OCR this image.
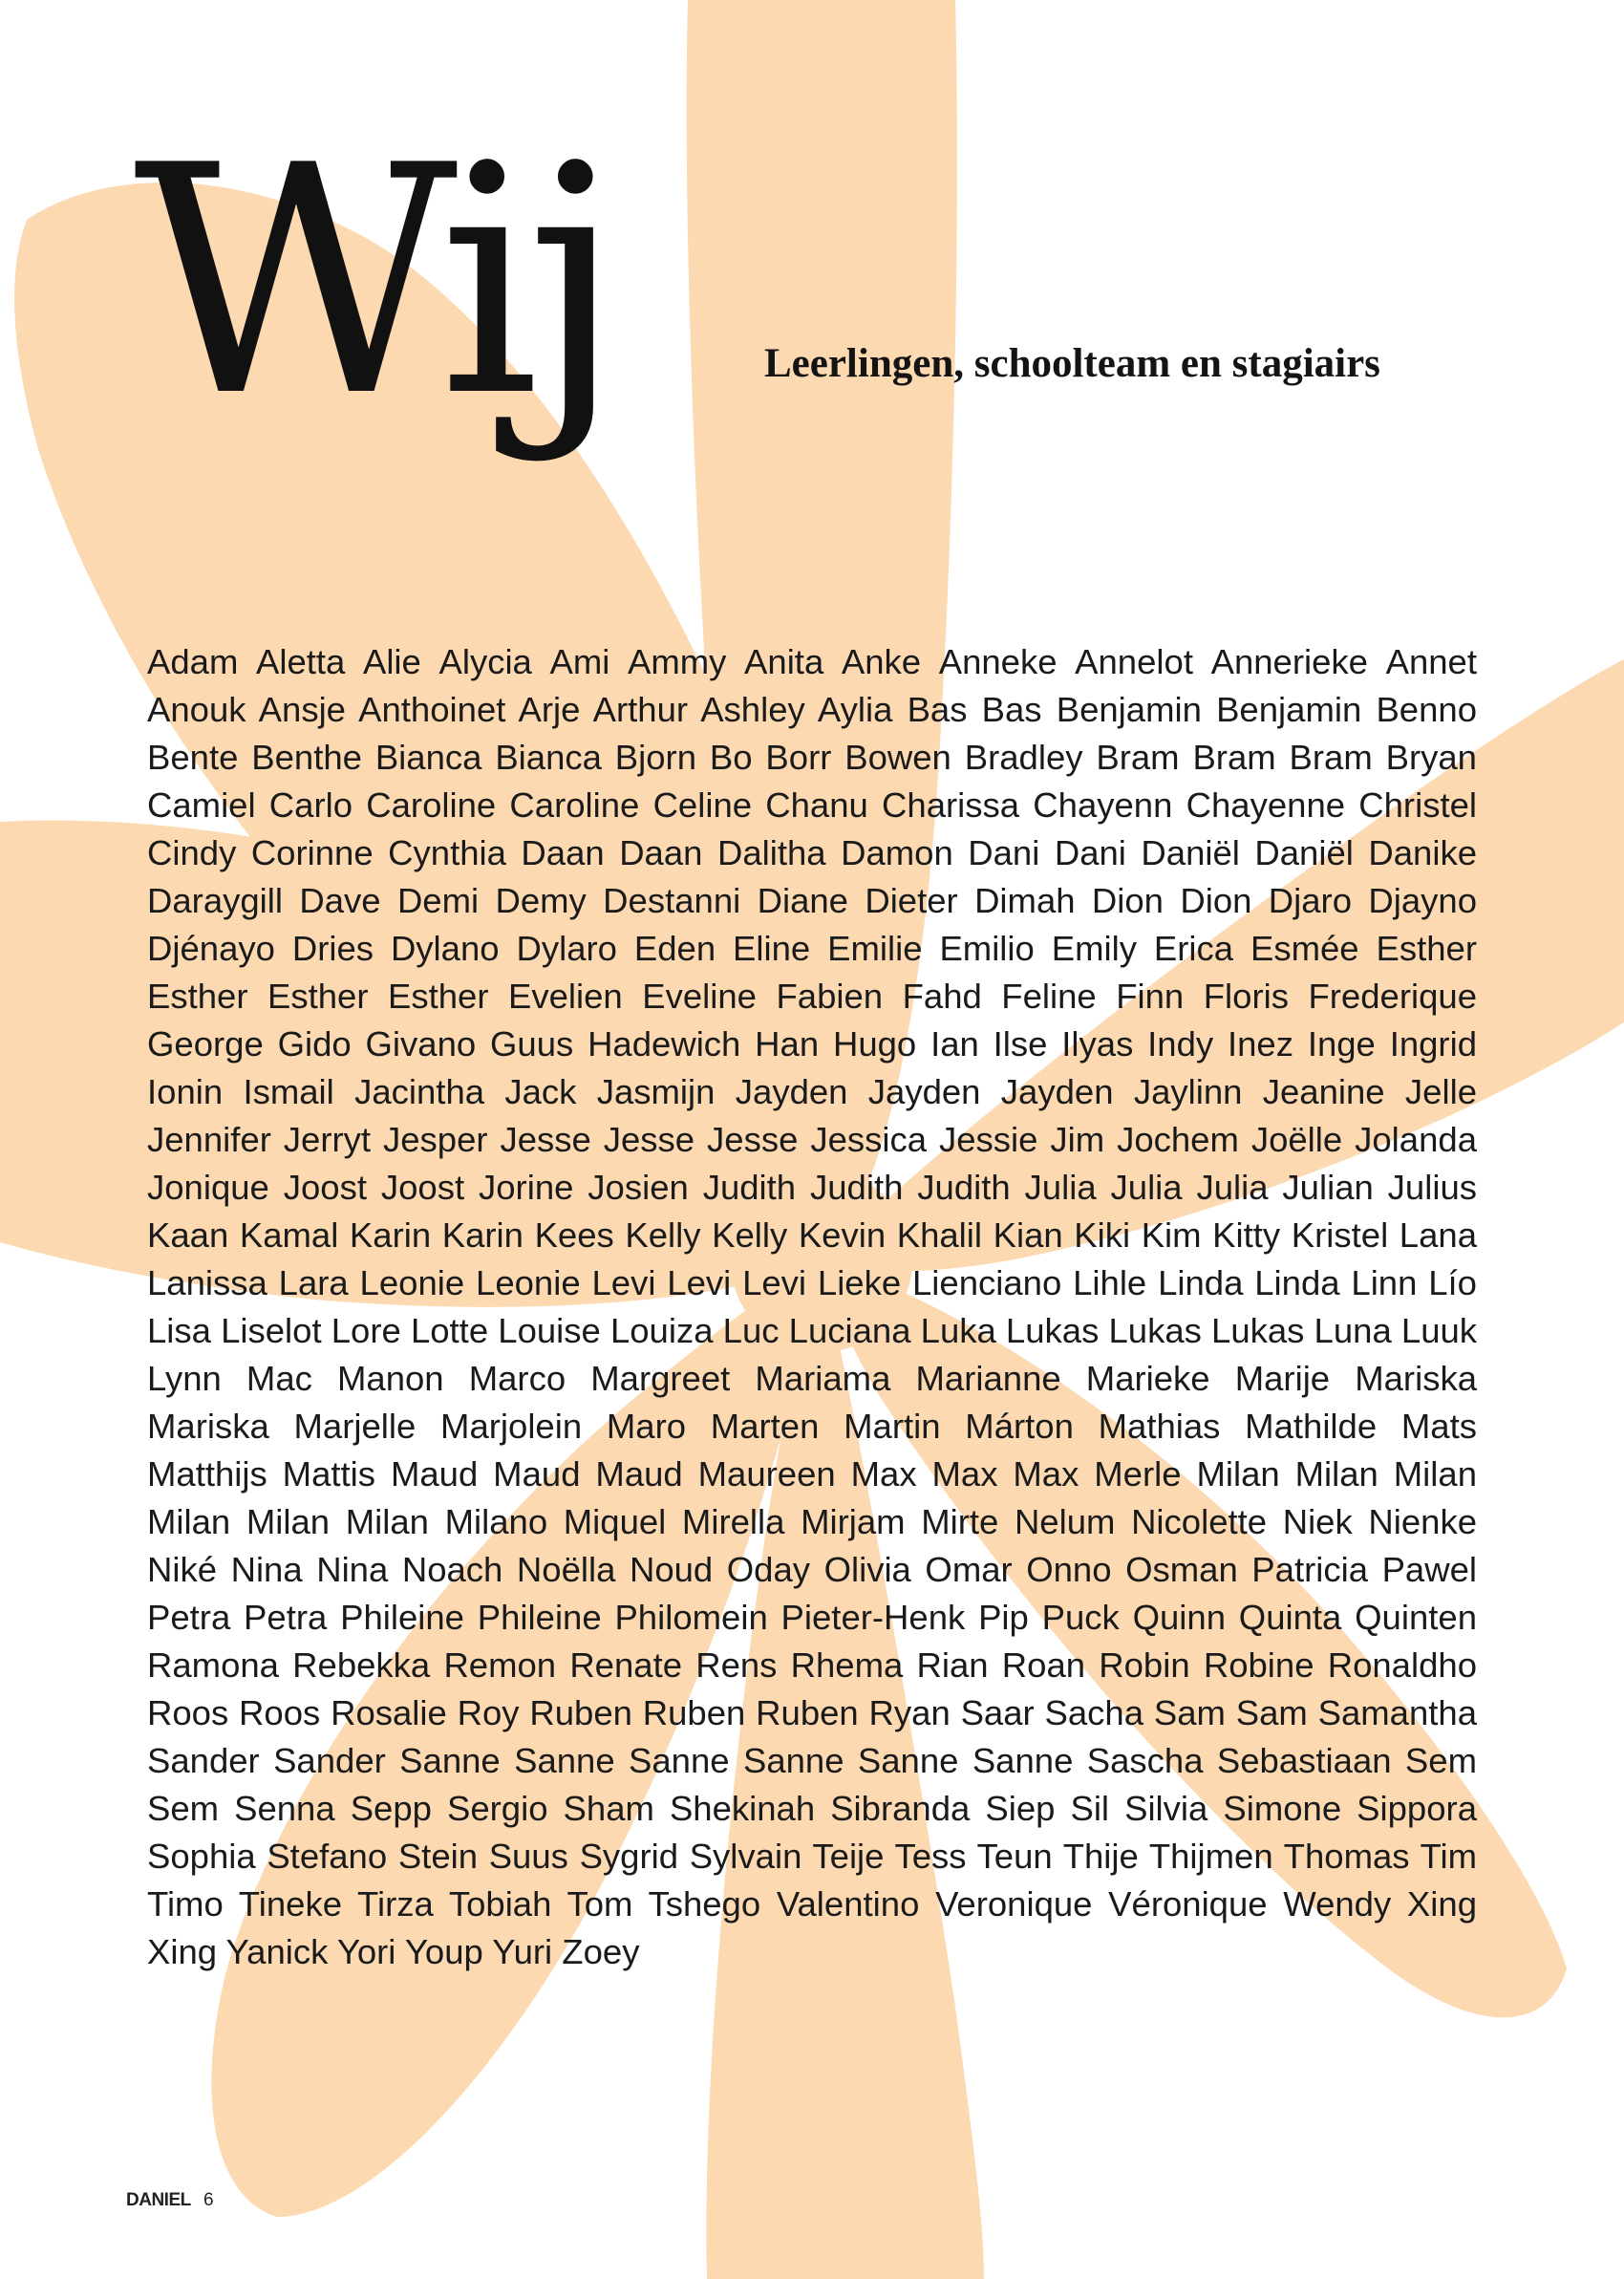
Wij	Leerlingen, schoolteam en stagiairs
Adam Aletta Alie Alycia Ami Ammy Anita Anke Anneke Annelot Annerieke Annet
Anouk Ansje Anthoinet Arje Arthur Ashley Aylia Bas Bas Benjamin Benjamin Benno
Bente Benthe Bianca Bianca Bjorn Bo Borr Bowen Bradley Bram Bram Bram Bryan
Camiel Carlo Caroline Caroline Celine Chanu Charissa Chayenn Chayenne Christel
Cindy Corinne Cynthia Daan Daan Dalitha Damon Dani Dani Daniël Daniël Danike
Daraygill Dave Demi Demy Destanni Diane Dieter Dimah Dion Dion Djaro Djayno
Djénayo Dries Dylano Dylaro Eden Eline Emilie Emilio Emily Erica Esmée Esther
Esther Esther Esther Evelien Eveline Fabien Fahd Feline Finn Floris Frederique
George Gido Givano Guus Hadewich Han Hugo Ian Ilse Ilyas Indy Inez Inge Ingrid
Ionin Ismail Jacintha Jack Jasmijn Jayden Jayden Jayden Jaylinn Jeanine Jelle
Jennifer Jerryt Jesper Jesse Jesse Jesse Jessica Jessie Jim Jochem Joëlle Jolanda
Jonique Joost Joost Jorine Josien Judith Judith Judith Julia Julia Julia Julian Julius
Kaan Kamal Karin Karin Kees Kelly Kelly Kevin Khalil Kian Kiki Kim Kitty Kristel Lana
Lanissa Lara Leonie Leonie Levi Levi Levi Lieke Lienciano Lihle Linda Linda Linn Lío
Lisa Liselot Lore Lotte Louise Louiza Luc Luciana Luka Lukas Lukas Lukas Luna Luuk
Lynn Mac Manon Marco Margreet Mariama Marianne Marieke Marije Mariska
Mariska Marjelle Marjolein Maro Marten Martin Márton Mathias Mathilde Mats
Matthijs Mattis Maud Maud Maud Maureen Max Max Max Merle Milan Milan Milan
Milan Milan Milan Milano Miquel Mirella Mirjam Mirte Nelum Nicolette Niek Nienke
Niké Nina Nina Noach Noëlla Noud Oday Olivia Omar Onno Osman Patricia Pawel
Petra Petra Phileine Phileine Philomein Pieter-Henk Pip Puck Quinn Quinta Quinten
Ramona Rebekka Remon Renate Rens Rhema Rian Roan Robin Robine Ronaldho
Roos Roos Rosalie Roy Ruben Ruben Ruben Ryan Saar Sacha Sam Sam Samantha
Sander Sander Sanne Sanne Sanne Sanne Sanne Sanne Sascha Sebastiaan Sem
Sem Senna Sepp Sergio Sham Shekinah Sibranda Siep Sil Silvia Simone Sippora
Sophia Stefano Stein Suus Sygrid Sylvain Teije Tess Teun Thije Thijmen Thomas Tim
Timo Tineke Tirza Tobiah Tom Tshego Valentino Veronique Véronique Wendy Xing
Xing Yanick Yori Youp Yuri Zoey
DANIEL 6
